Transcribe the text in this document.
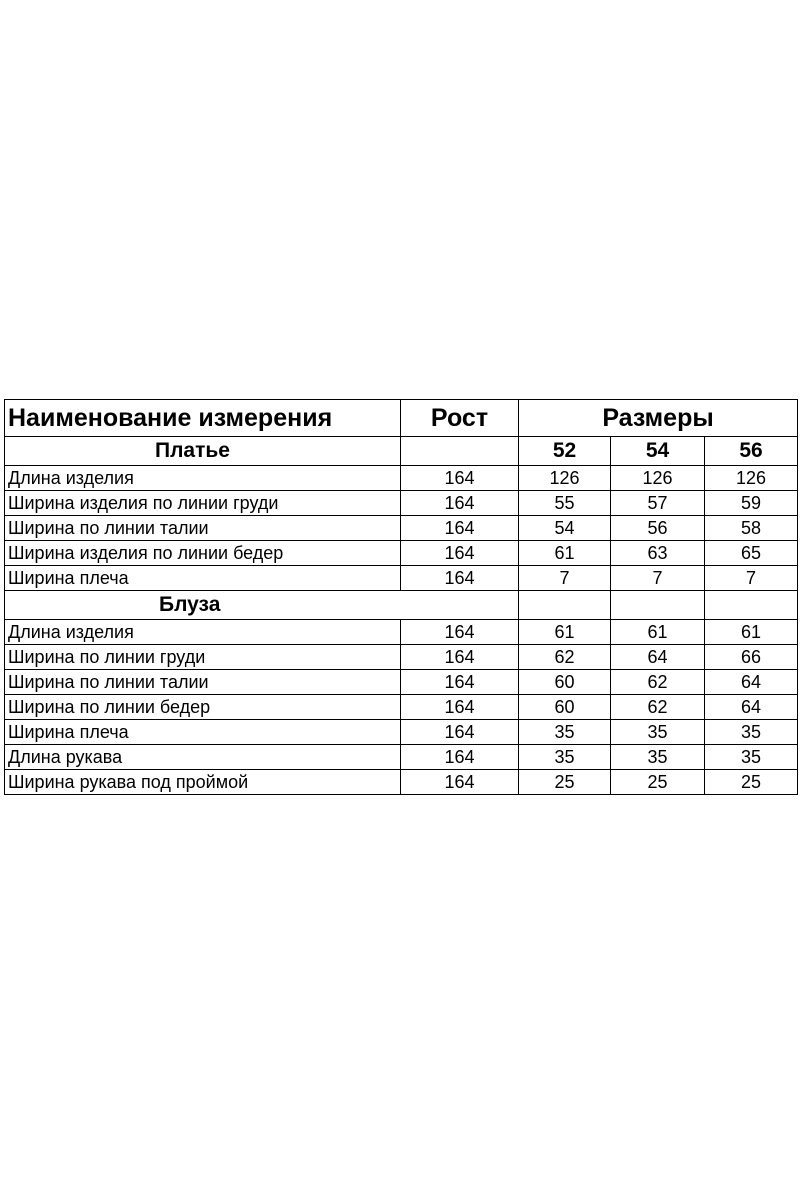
Наименование измерения	Рост	Размеры		
Платье		52	54	56
Длина изделия	164	126	126	126
Ширина изделия по линии груди	164	55	57	59
Ширина по линии талии	164	54	56	58
Ширина изделия по линии бедер	164	61	63	65
Ширина плеча	164	7	7	7
Блуза				
Длина изделия	164	61	61	61
Ширина по линии груди	164	62	64	66
Ширина по линии талии	164	60	62	64
Ширина по линии бедер	164	60	62	64
Ширина плеча	164	35	35	35
Длина рукава	164	35	35	35
Ширина рукава под проймой	164	25	25	25
